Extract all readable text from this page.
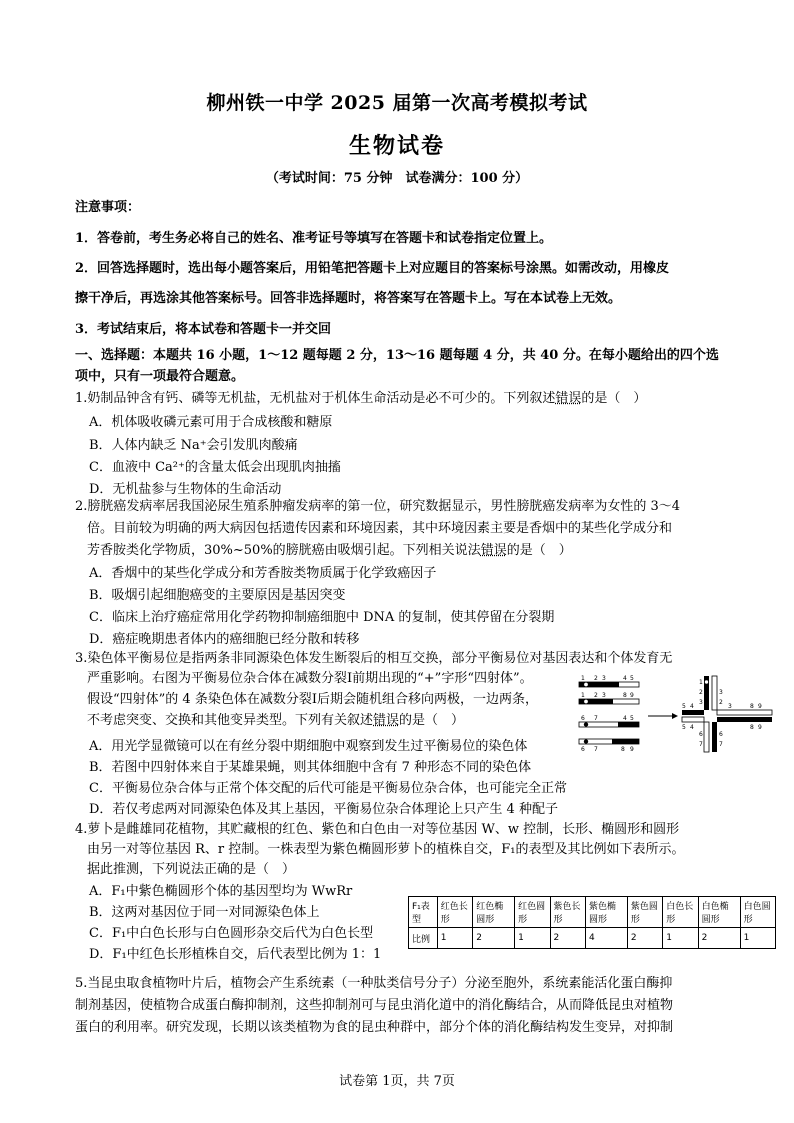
柳州铁一中学 2025 届第一次高考模拟考试
生物试卷
（考试时间：75 分钟　试卷满分：100 分）
注意事项：
1．答卷前，考生务必将自己的姓名、准考证号等填写在答题卡和试卷指定位置上。
2．回答选择题时，选出每小题答案后，用铅笔把答题卡上对应题目的答案标号涂黑。如需改动，用橡皮
擦干净后，再选涂其他答案标号。回答非选择题时，将答案写在答题卡上。写在本试卷上无效。
3．考试结束后，将本试卷和答题卡一并交回
一、选择题：本题共 16 小题，1～12 题每题 2 分，13～16 题每题 4 分，共 40 分。在每小题给出的四个选
项中，只有一项最符合题意。
1.奶制品钟含有钙、磷等无机盐，无机盐对于机体生命活动是必不可少的。下列叙述错误的是（　）
A．机体吸收磷元素可用于合成核酸和糖原
B．人体内缺乏 Na⁺会引发肌肉酸痛
C．血液中 Ca²⁺的含量太低会出现肌肉抽搐
D．无机盐参与生物体的生命活动
2.膀胱癌发病率居我国泌尿生殖系肿瘤发病率的第一位，研究数据显示，男性膀胱癌发病率为女性的 3～4
倍。目前较为明确的两大病因包括遗传因素和环境因素，其中环境因素主要是香烟中的某些化学成分和
芳香胺类化学物质，30%~50%的膀胱癌由吸烟引起。下列相关说法错误的是（　）
A．香烟中的某些化学成分和芳香胺类物质属于化学致癌因子
B．吸烟引起细胞癌变的主要原因是基因突变
C．临床上治疗癌症常用化学药物抑制癌细胞中 DNA 的复制，使其停留在分裂期
D．癌症晚期患者体内的癌细胞已经分散和转移
3.染色体平衡易位是指两条非同源染色体发生断裂后的相互交换，部分平衡易位对基因表达和个体发育无
严重影响。右图为平衡易位杂合体在减数分裂Ⅰ前期出现的“+”字形“四射体”。
假设“四射体”的 4 条染色体在减数分裂Ⅰ后期会随机组合移向两极，一边两条，
不考虑突变、交换和其他变异类型。下列有关叙述错误的是（　）
A．用光学显微镜可以在有丝分裂中期细胞中观察到发生过平衡易位的染色体
B．若图中四射体来自于某雄果蝇，则其体细胞中含有 7 种形态不同的染色体
C．平衡易位杂合体与正常个体交配的后代可能是平衡易位杂合体，也可能完全正常
D．若仅考虑两对同源染色体及其上基因，平衡易位杂合体理论上只产生 4 种配子
1 2 3	4 5
1 2 3	8 9
6 7	4 5
6 7	8 9
1
2
3
5 4
3
2
3	8 9
5 4	8 9
6
7
6
7
4.萝卜是雌雄同花植物，其贮藏根的红色、紫色和白色由一对等位基因 W、w 控制，长形、椭圆形和圆形
由另一对等位基因 R、r 控制。一株表型为紫色椭圆形萝卜的植株自交，F₁的表型及其比例如下表所示。
据此推测，下列说法正确的是（　）
A．F₁中紫色椭圆形个体的基因型均为 WwRr
B．这两对基因位于同一对同源染色体上
C．F₁中白色长形与白色圆形杂交后代为白色长型
D．F₁中红色长形植株自交，后代表型比例为 1：1
F₁表型	红色长形	红色椭圆形	红色圆形	紫色长形	紫色椭圆形	紫色圆形	白色长形	白色椭圆形	白色圆形
比例	1	2	1	2	4	2	1	2	1
5.当昆虫取食植物叶片后，植物会产生系统素（一种肽类信号分子）分泌至胞外，系统素能活化蛋白酶抑
制剂基因，使植物合成蛋白酶抑制剂，这些抑制剂可与昆虫消化道中的消化酶结合，从而降低昆虫对植物
蛋白的利用率。研究发现，长期以该类植物为食的昆虫种群中，部分个体的消化酶结构发生变异，对抑制
试卷第 1页，共 7页
